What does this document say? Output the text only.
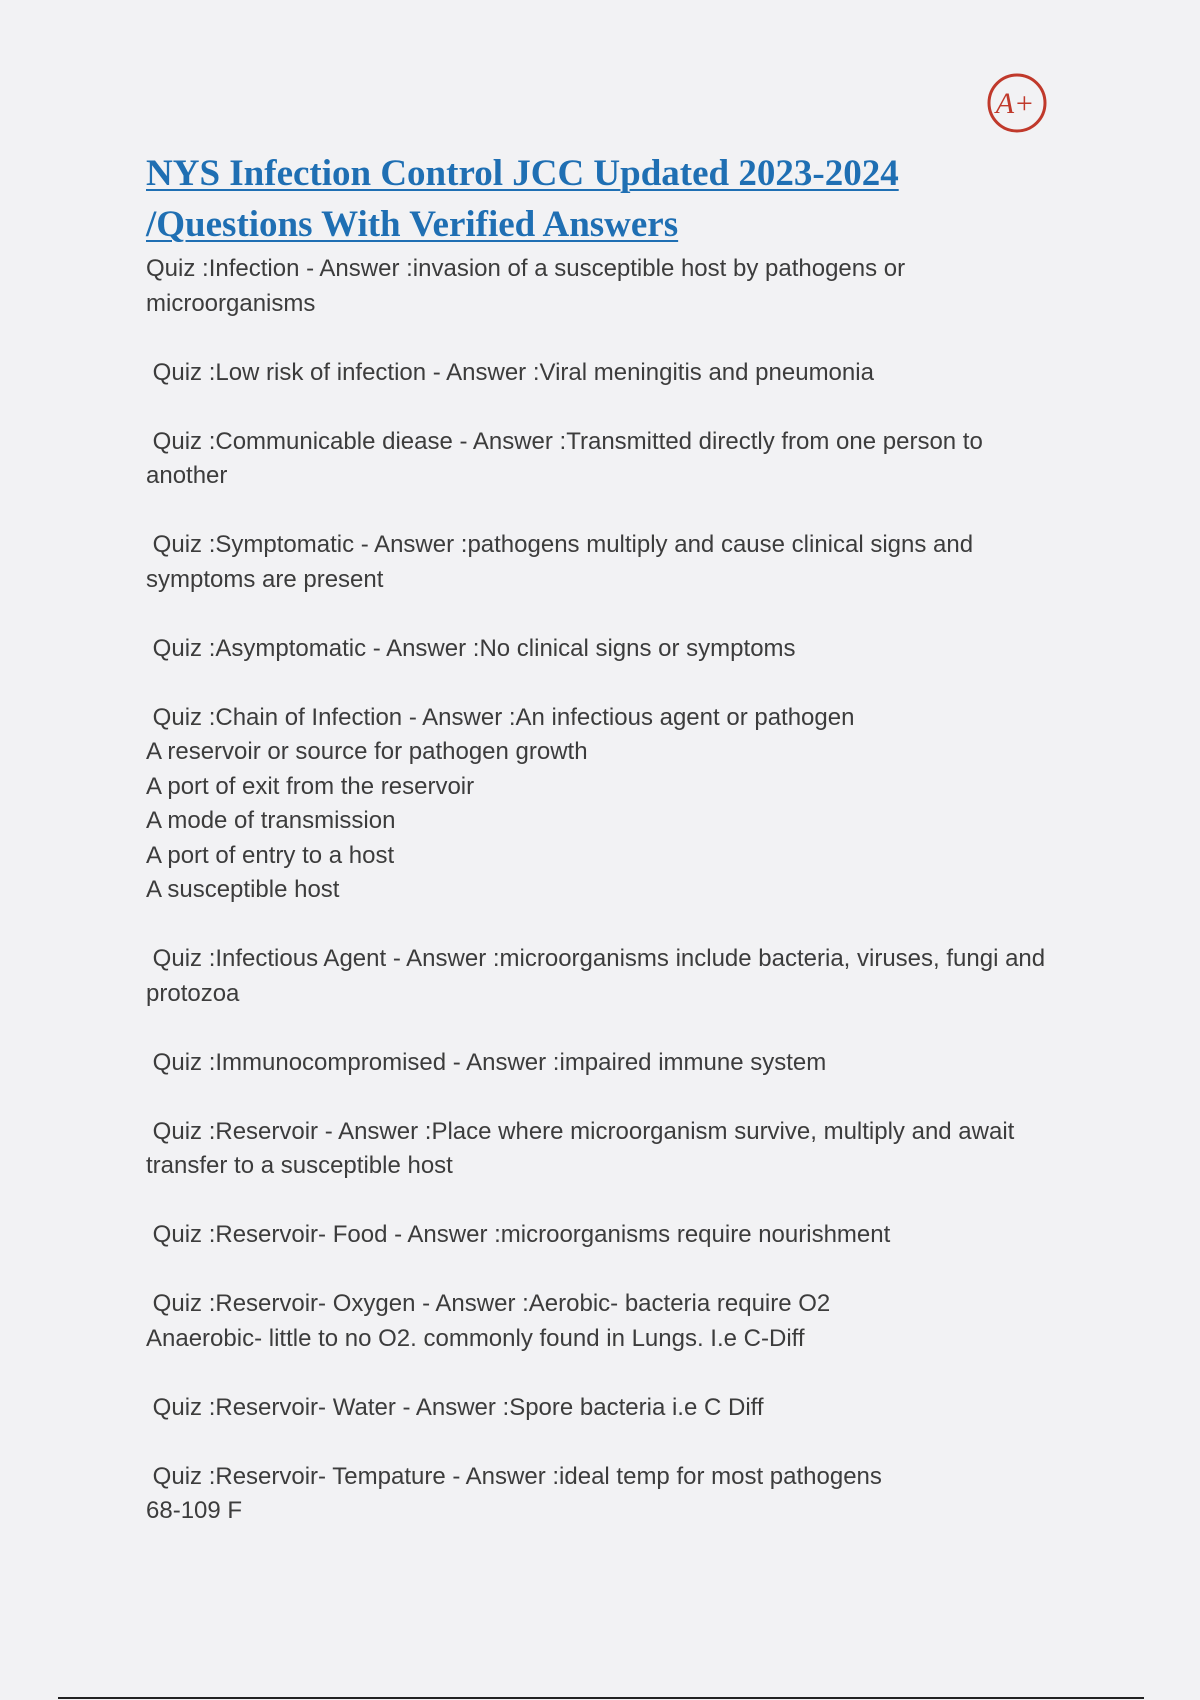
A+
NYS Infection Control JCC Updated 2023-2024
/Questions With Verified Answers
Quiz :Infection - Answer :invasion of a susceptible host by pathogens or microorganisms
Quiz :Low risk of infection - Answer :Viral meningitis and pneumonia
Quiz :Communicable diease - Answer :Transmitted directly from one person to another
Quiz :Symptomatic - Answer :pathogens multiply and cause clinical signs and symptoms are present
Quiz :Asymptomatic - Answer :No clinical signs or symptoms
Quiz :Chain of Infection - Answer :An infectious agent or pathogen
A reservoir or source for pathogen growth
A port of exit from the reservoir
A mode of transmission
A port of entry to a host
A susceptible host
Quiz :Infectious Agent - Answer :microorganisms include bacteria, viruses, fungi and protozoa
Quiz :Immunocompromised - Answer :impaired immune system
Quiz :Reservoir - Answer :Place where microorganism survive, multiply and await transfer to a susceptible host
Quiz :Reservoir- Food - Answer :microorganisms require nourishment
Quiz :Reservoir- Oxygen - Answer :Aerobic- bacteria require O2
Anaerobic- little to no O2. commonly found in Lungs. I.e C-Diff
Quiz :Reservoir- Water - Answer :Spore bacteria i.e C Diff
Quiz :Reservoir- Tempature - Answer :ideal temp for most pathogens
68-109 F
